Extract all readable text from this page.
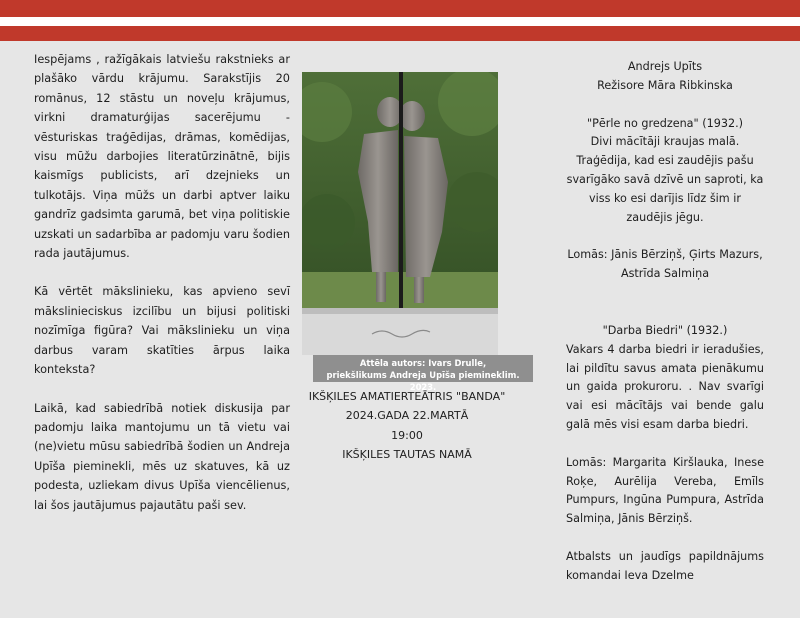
Iespējams , ražīgākais latviešu rakstnieks ar plašāko vārdu krājumu. Sarakstījis 20 romānus, 12 stāstu un noveļu krājumus, virkni dramaturģijas sacerējumu - vēsturiskas traģēdijas, drāmas, komēdijas, visu mūžu darbojies literatūrzinātnē, bijis kaismīgs publicists, arī dzejnieks un tulkotājs. Viņa mūžs un darbi aptver laiku gandrīz gadsimta garumā, bet viņa politiskie uzskati un sadarbība ar padomju varu šodien rada jautājumus.

Kā vērtēt mākslinieku, kas apvieno sevī mākslinieciskus izcilību un bijusi politiski nozīmīga figūra? Vai mākslinieku un viņa darbus varam skatīties ārpus laika konteksta?

Laikā, kad sabiedrībā notiek diskusija par padomju laika mantojumu un tā vietu vai (ne)vietu mūsu sabiedrībā šodien un Andreja Upīša pieminekli, mēs uz skatuves, kā uz podesta, uzliekam divus Upīša viencēlienus, lai šos jautājumus pajautātu paši sev.

Attēla autors: Ivars Drulle,
priekšlikums Andreja Upīša piemineklim. 2023.
IKŠĶILES AMATIERTEĀTRIS "BANDA"
2024.GADA 22.MARTĀ
19:00
IKŠĶILES TAUTAS NAMĀ
Andrejs Upīts
Režisore Māra Ribkinska
"Pērle no gredzena" (1932.)
Divi mācītāji kraujas malā. Traģēdija, kad esi zaudējis pašu svarīgāko savā dzīvē un saproti, ka viss ko esi darījis līdz šim ir zaudējis jēgu.
Lomās: Jānis Bērziņš, Ģirts Mazurs, Astrīda Salmiņa
"Darba Biedri" (1932.)
Vakars 4 darba biedri ir ieradušies, lai pildītu savus amata pienākumu un gaida prokuroru. . Nav svarīgi vai esi mācītājs vai bende galu galā mēs visi esam darba biedri.
Lomās: Margarita Kiršlauka, Inese Roķe, Aurēlija Vereba, Emīls Pumpurs, Ingūna Pumpura, Astrīda Salmiņa, Jānis Bērziņš.
Atbalsts un jaudīgs papildnājums komandai Ieva Dzelme
